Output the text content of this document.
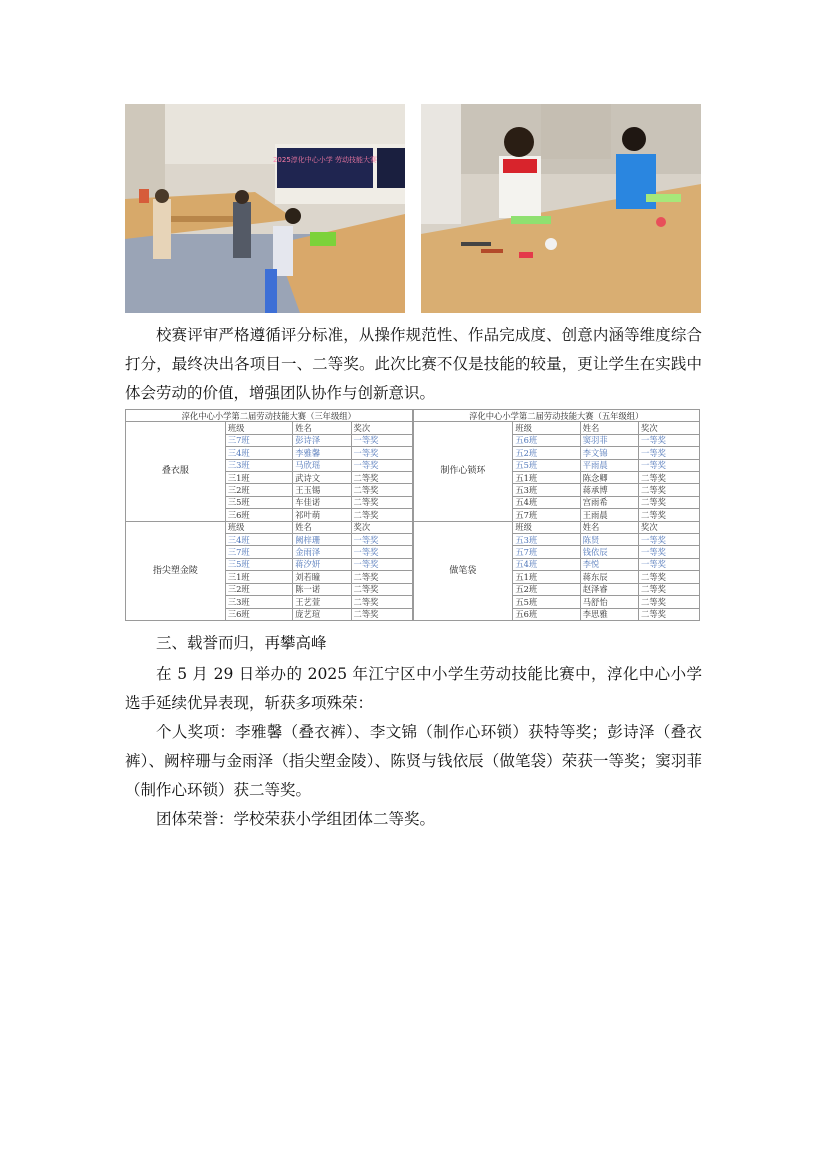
2025淳化中心小学 劳动技能大赛

校赛评审严格遵循评分标准，从操作规范性、作品完成度、创意内涵等维度综合打分，最终决出各项目一、二等奖。此次比赛不仅是技能的较量，更让学生在实践中体会劳动的价值，增强团队协作与创新意识。

淳化中心小学第二届劳动技能大赛（三年级组）			
叠衣服	班级	姓名	奖次
	三7班	彭诗泽	一等奖
	三4班	李雅馨	一等奖
	三3班	马欣瑶	一等奖
	三1班	武诗文	二等奖
	三2班	王玉锡	二等奖
	三5班	车佳诺	二等奖
	三6班	祁叶萌	二等奖
指尖塑金陵	班级	姓名	奖次
	三4班	阙梓珊	一等奖
	三7班	金雨泽	一等奖
	三5班	蒋汐妍	一等奖
	三1班	刘若瞳	二等奖
	三2班	陈一诺	二等奖
	三3班	王艺萱	二等奖
	三6班	庞艺瑄	二等奖
淳化中心小学第二届劳动技能大赛（五年级组）			
制作心锁环	班级	姓名	奖次
	五6班	窦羽菲	一等奖
	五2班	李文锦	一等奖
	五5班	平雨晨	一等奖
	五1班	陈念卿	二等奖
	五3班	蒋承博	二等奖
	五4班	宫雨希	二等奖
	五7班	王雨晨	二等奖
做笔袋	班级	姓名	奖次
	五3班	陈贤	一等奖
	五7班	钱依辰	一等奖
	五4班	李悦	一等奖
	五1班	蒋东辰	二等奖
	五2班	赵泽睿	二等奖
	五5班	马舒怡	二等奖
	五6班	李思雅	二等奖
三、载誉而归，再攀高峰

在 5 月 29 日举办的 2025 年江宁区中小学生劳动技能比赛中，淳化中心小学选手延续优异表现，斩获多项殊荣：

个人奖项：李雅馨（叠衣裤）、李文锦（制作心环锁）获特等奖；彭诗泽（叠衣裤）、阙梓珊与金雨泽（指尖塑金陵）、陈贤与钱依辰（做笔袋）荣获一等奖；窦羽菲（制作心环锁）获二等奖。

团体荣誉：学校荣获小学组团体二等奖。
